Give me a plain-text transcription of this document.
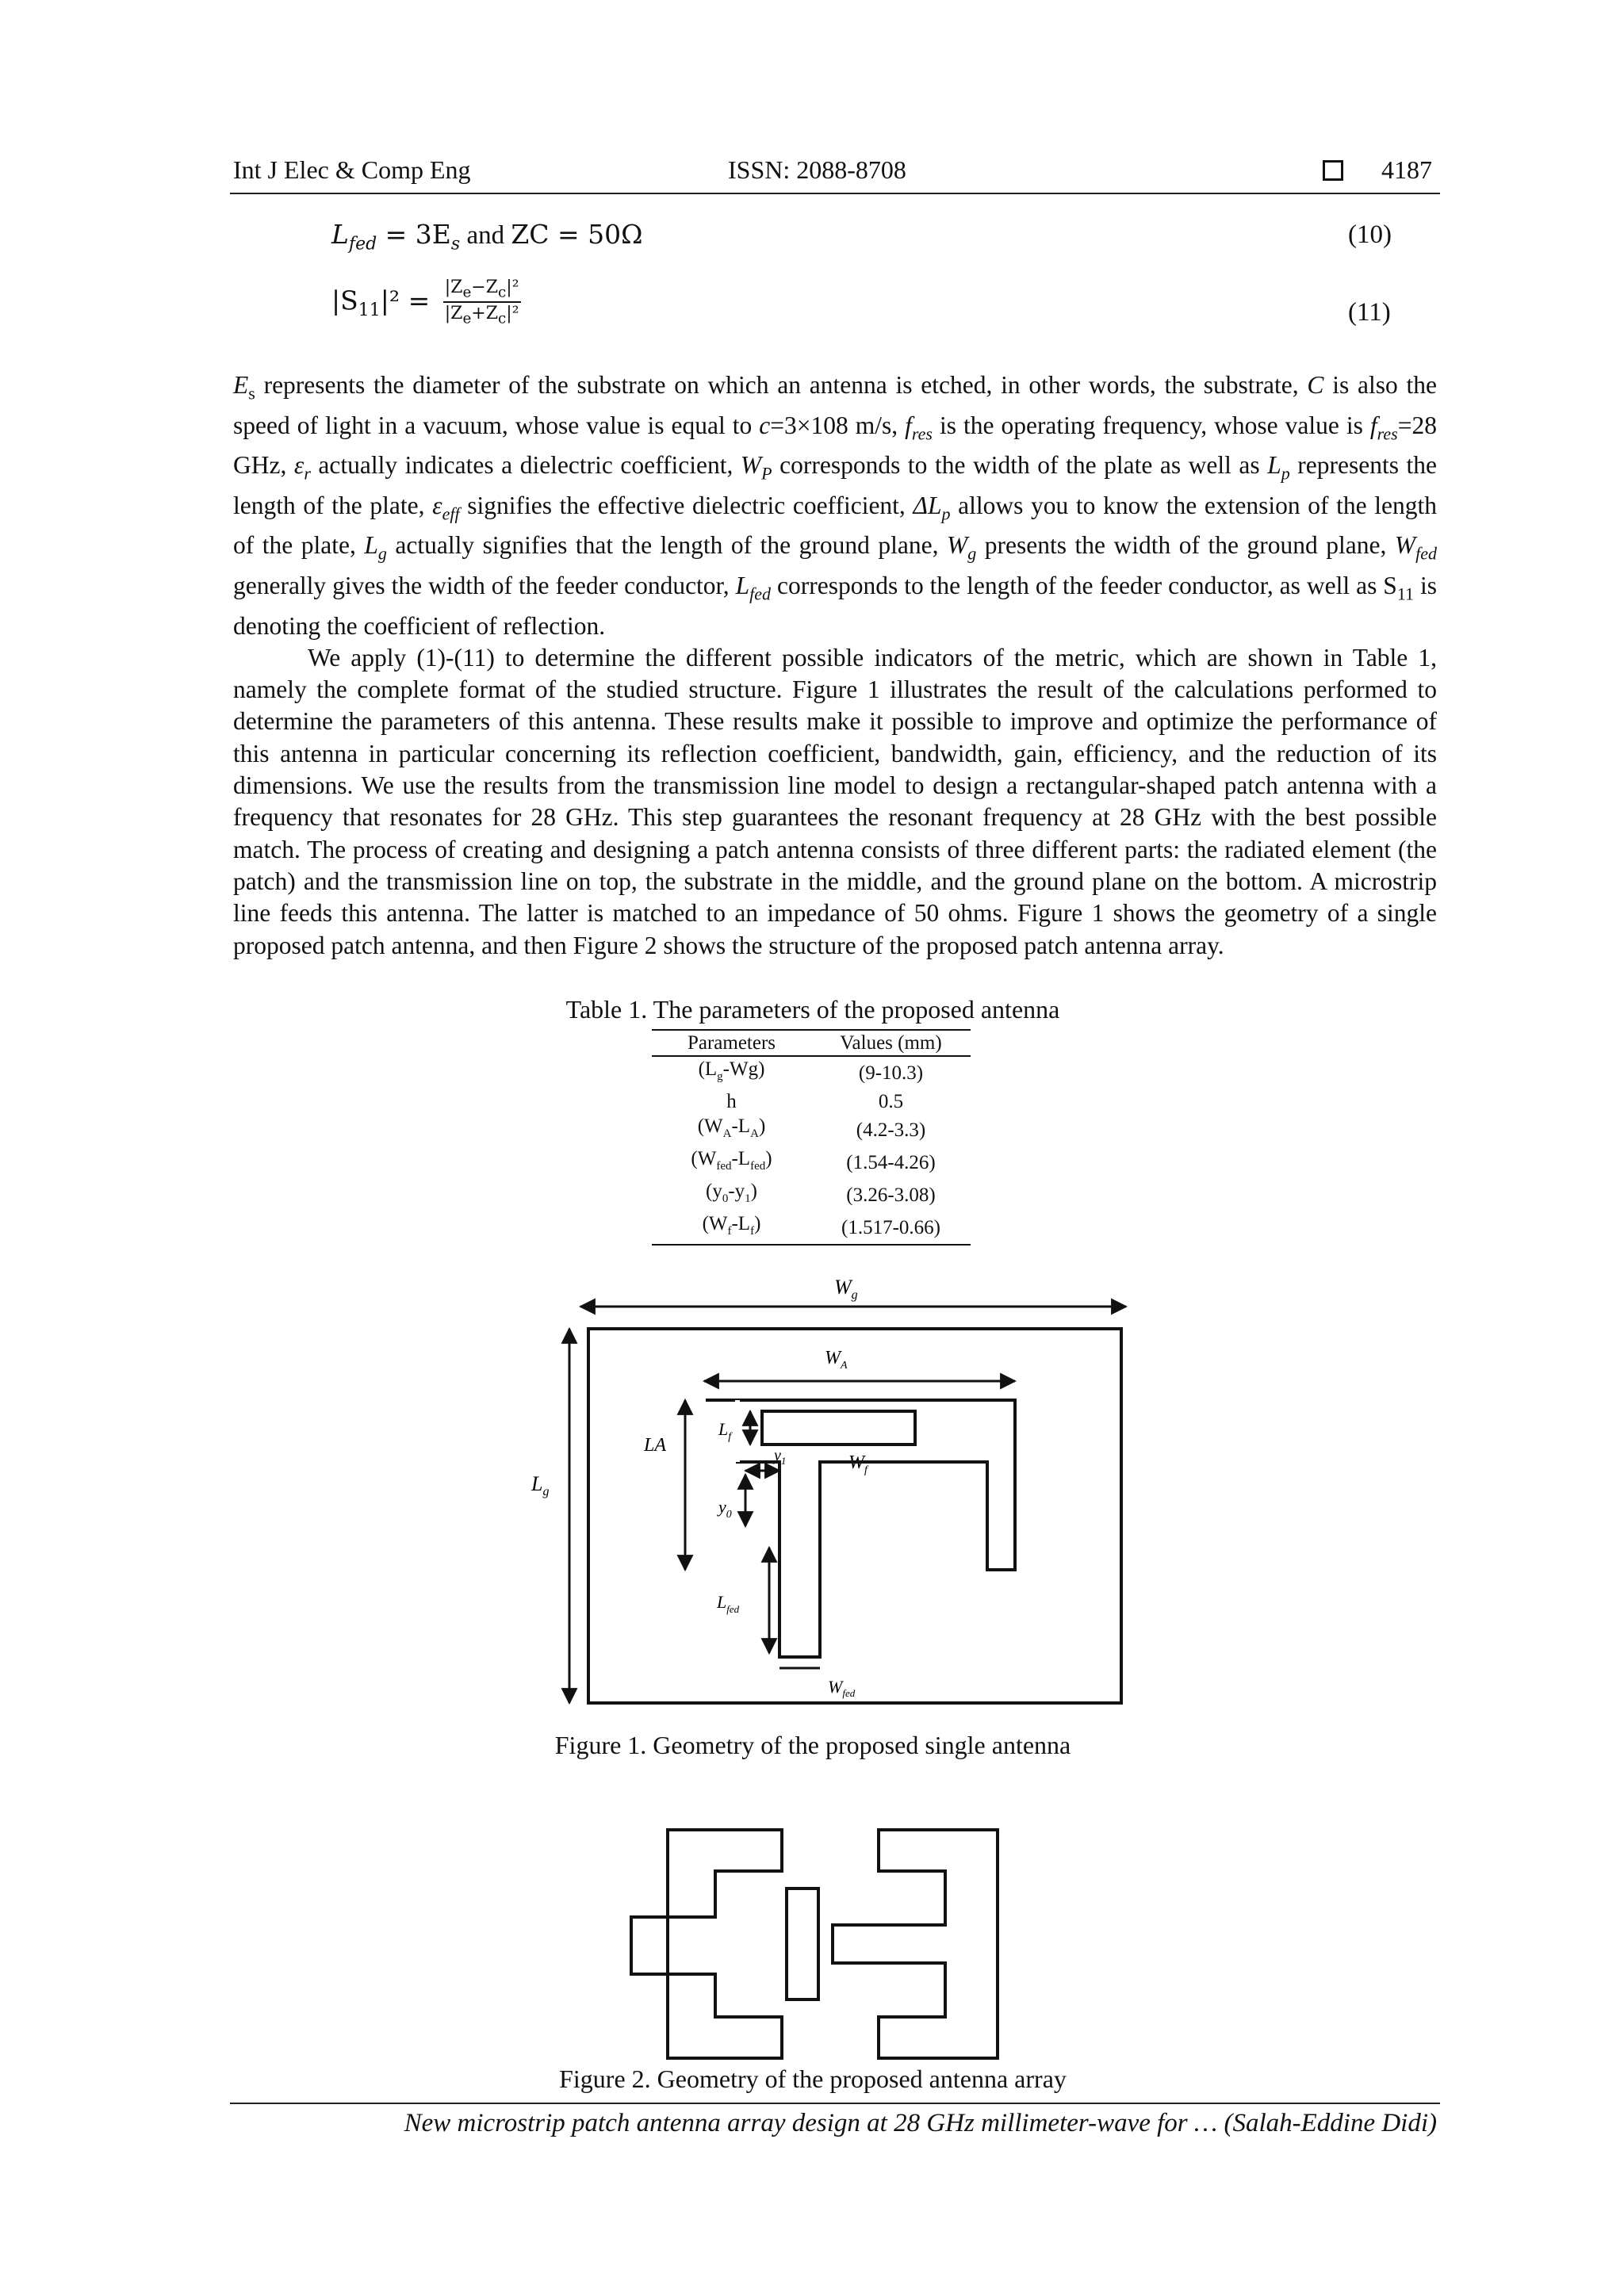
Int J Elec & Comp Eng	ISSN: 2088-8708	4187
$L_{fed} = 3E_s$ and ZC = 50Ω	(10)
$|S_{11}|^2 = \frac{|Z_e-Z_c|^2}{|Z_e+Z_c|^2}$	(11)

$E_s$ represents the diameter of the substrate on which an antenna is etched, in other words, the substrate, C is also the speed of light in a vacuum, whose value is equal to c=3×108 m/s, $f_{res}$ is the operating frequency, whose value is $f_{res}=28$ GHz, $\varepsilon_r$ actually indicates a dielectric coefficient, $W_P$ corresponds to the width of the plate as well as $L_p$ represents the length of the plate, $\varepsilon_{eff}$ signifies the effective dielectric coefficient, $\Delta L_p$ allows you to know the extension of the length of the plate, $L_g$ actually signifies that the length of the ground plane, $W_g$ presents the width of the ground plane, $W_{fed}$ generally gives the width of the feeder conductor, $L_{fed}$ corresponds to the length of the feeder conductor, as well as $S_{11}$ is denoting the coefficient of reflection.

We apply (1)-(11) to determine the different possible indicators of the metric, which are shown in Table 1, namely the complete format of the studied structure. Figure 1 illustrates the result of the calculations performed to determine the parameters of this antenna. These results make it possible to improve and optimize the performance of this antenna in particular concerning its reflection coefficient, bandwidth, gain, efficiency, and the reduction of its dimensions. We use the results from the transmission line model to design a rectangular-shaped patch antenna with a frequency that resonates for 28 GHz. This step guarantees the resonant frequency at 28 GHz with the best possible match. The process of creating and designing a patch antenna consists of three different parts: the radiated element (the patch) and the transmission line on top, the substrate in the middle, and the ground plane on the bottom. A microstrip line feeds this antenna. The latter is matched to an impedance of 50 ohms. Figure 1 shows the geometry of a single proposed patch antenna, and then Figure 2 shows the structure of the proposed patch antenna array.

Table 1. The parameters of the proposed antenna
Parameters	Values (mm)
$(L_g-Wg)$	(9-10.3)
h	0.5
$(W_A-L_A)$	(4.2-3.3)
$(W_{fed}-L_{fed})$	(1.54-4.26)
$(y_0-y_1)$	(3.26-3.08)
$(W_f-L_f)$	(1.517-0.66)
$W_g$
$L_g$
$W_A$
LA
$L_f$
$y_1$	$W_f$
$y_0$
$L_{fed}$
$W_{fed}$
Figure 1. Geometry of the proposed single antenna
Figure 2. Geometry of the proposed antenna array
New microstrip patch antenna array design at 28 GHz millimeter-wave for … (Salah-Eddine Didi)
